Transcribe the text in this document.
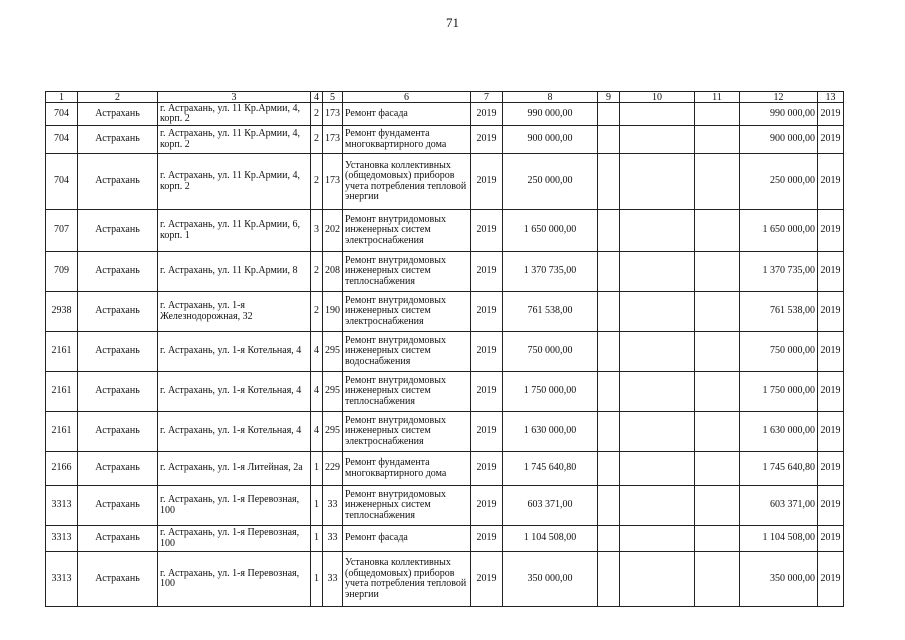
71
1	2	3	4	5	6	7	8	9	10	11	12	13
704	Астрахань	г. Астрахань, ул. 11 Кр.Армии, 4, корп. 2	2	173	Ремонт фасада	2019	990 000,00				990 000,00	2019
704	Астрахань	г. Астрахань, ул. 11 Кр.Армии, 4, корп. 2	2	173	Ремонт фундамента многоквартирного дома	2019	900 000,00				900 000,00	2019
704	Астрахань	г. Астрахань, ул. 11 Кр.Армии, 4, корп. 2	2	173	Установка коллективных (общедомовых) приборов учета потребления тепловой энергии	2019	250 000,00				250 000,00	2019
707	Астрахань	г. Астрахань, ул. 11 Кр.Армии, 6, корп. 1	3	202	Ремонт внутридомовых инженерных систем электроснабжения	2019	1 650 000,00				1 650 000,00	2019
709	Астрахань	г. Астрахань, ул. 11 Кр.Армии, 8	2	208	Ремонт внутридомовых инженерных систем теплоснабжения	2019	1 370 735,00				1 370 735,00	2019
2938	Астрахань	г. Астрахань, ул. 1-я Железнодорожная, 32	2	190	Ремонт внутридомовых инженерных систем электроснабжения	2019	761 538,00				761 538,00	2019
2161	Астрахань	г. Астрахань, ул. 1-я Котельная, 4	4	295	Ремонт внутридомовых инженерных систем водоснабжения	2019	750 000,00				750 000,00	2019
2161	Астрахань	г. Астрахань, ул. 1-я Котельная, 4	4	295	Ремонт внутридомовых инженерных систем теплоснабжения	2019	1 750 000,00				1 750 000,00	2019
2161	Астрахань	г. Астрахань, ул. 1-я Котельная, 4	4	295	Ремонт внутридомовых инженерных систем электроснабжения	2019	1 630 000,00				1 630 000,00	2019
2166	Астрахань	г. Астрахань, ул. 1-я Литейная, 2а	1	229	Ремонт фундамента многоквартирного дома	2019	1 745 640,80				1 745 640,80	2019
3313	Астрахань	г. Астрахань, ул. 1-я Перевозная, 100	1	33	Ремонт внутридомовых инженерных систем теплоснабжения	2019	603 371,00				603 371,00	2019
3313	Астрахань	г. Астрахань, ул. 1-я Перевозная, 100	1	33	Ремонт фасада	2019	1 104 508,00				1 104 508,00	2019
3313	Астрахань	г. Астрахань, ул. 1-я Перевозная, 100	1	33	Установка коллективных (общедомовых) приборов учета потребления тепловой энергии	2019	350 000,00				350 000,00	2019
